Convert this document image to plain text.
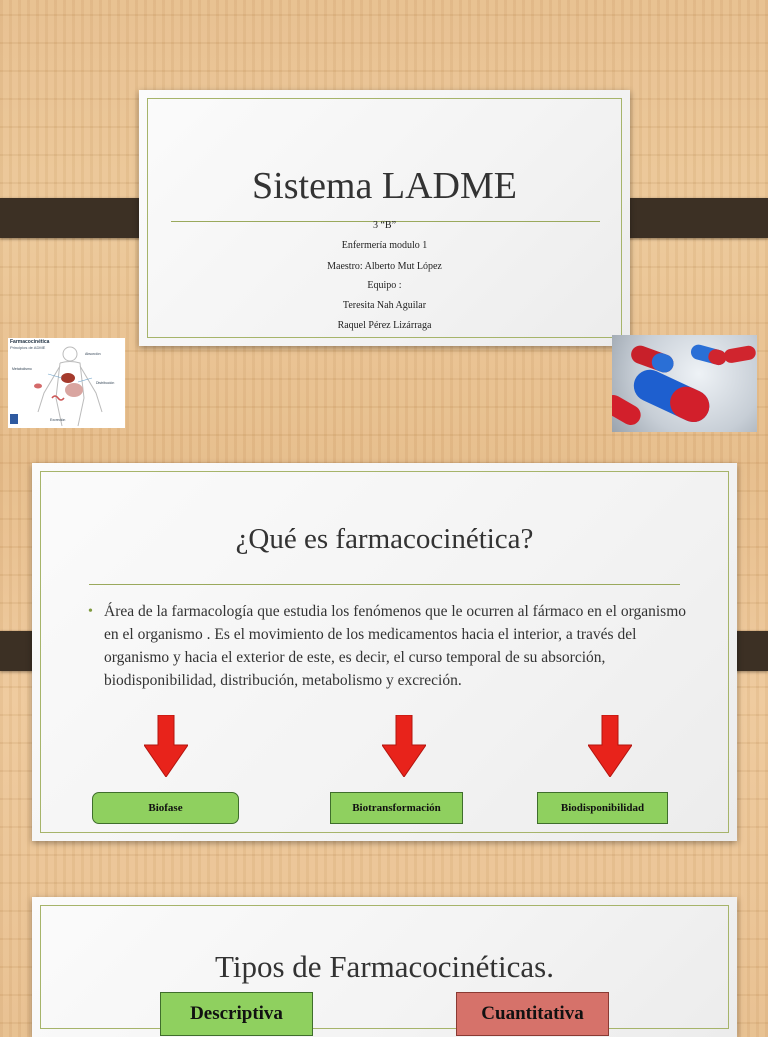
Sistema LADME
3 “B”
Enfermería modulo 1
Maestro: Alberto Mut López
Equipo :
Teresita Nah Aguilar
Raquel Pérez Lizárraga
Farmacocinética
Principios de ADME
Absorción
Distribución
Metabolismo
Excreción
¿Qué es farmacocinética?
• Área de la farmacología que estudia los fenómenos que le ocurren al fármaco en el organismo en el organismo . Es el movimiento de los medicamentos hacia el interior, a través del organismo y hacia el exterior de este, es decir, el curso temporal de su absorción, biodisponibilidad, distribución, metabolismo y excreción.
Biofase	Biotransformación	Biodisponibilidad
Tipos de Farmacocinéticas.
Descriptiva	Cuantitativa
